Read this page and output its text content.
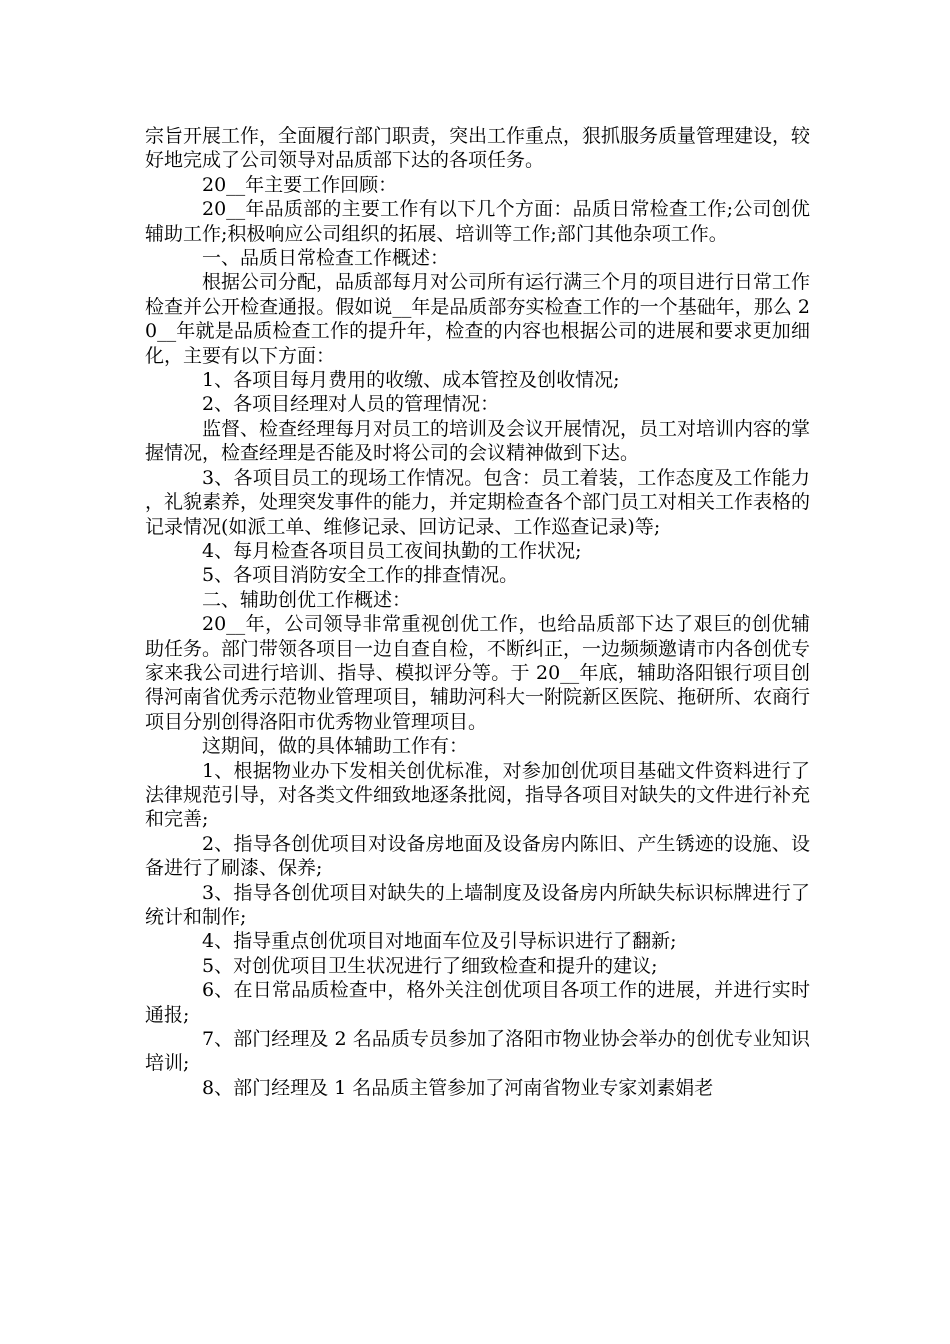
宗旨开展工作，全面履行部门职责，突出工作重点，狠抓服务质量管理建设，较好地完成了公司领导对品质部下达的各项任务。

20__年主要工作回顾：

20__年品质部的主要工作有以下几个方面：品质日常检查工作;公司创优辅助工作;积极响应公司组织的拓展、培训等工作;部门其他杂项工作。

一、品质日常检查工作概述：

根据公司分配，品质部每月对公司所有运行满三个月的项目进行日常工作检查并公开检查通报。假如说__年是品质部夯实检查工作的一个基础年，那么 20__年就是品质检查工作的提升年，检查的内容也根据公司的进展和要求更加细化，主要有以下方面：

1、各项目每月费用的收缴、成本管控及创收情况;

2、各项目经理对人员的管理情况：

监督、检查经理每月对员工的培训及会议开展情况，员工对培训内容的掌握情况，检查经理是否能及时将公司的会议精神做到下达。

3、各项目员工的现场工作情况。包含：员工着装，工作态度及工作能力，礼貌素养，处理突发事件的能力，并定期检查各个部门员工对相关工作表格的记录情况(如派工单、维修记录、回访记录、工作巡查记录)等;

4、每月检查各项目员工夜间执勤的工作状况;

5、各项目消防安全工作的排查情况。

二、辅助创优工作概述：

20__年，公司领导非常重视创优工作，也给品质部下达了艰巨的创优辅助任务。部门带领各项目一边自查自检，不断纠正，一边频频邀请市内各创优专家来我公司进行培训、指导、模拟评分等。于 20__年底，辅助洛阳银行项目创得河南省优秀示范物业管理项目，辅助河科大一附院新区医院、拖研所、农商行项目分别创得洛阳市优秀物业管理项目。

这期间，做的具体辅助工作有：

1、根据物业办下发相关创优标准，对参加创优项目基础文件资料进行了法律规范引导，对各类文件细致地逐条批阅，指导各项目对缺失的文件进行补充和完善;

2、指导各创优项目对设备房地面及设备房内陈旧、产生锈迹的设施、设备进行了刷漆、保养;

3、指导各创优项目对缺失的上墙制度及设备房内所缺失标识标牌进行了统计和制作;

4、指导重点创优项目对地面车位及引导标识进行了翻新;

5、对创优项目卫生状况进行了细致检查和提升的建议;

6、在日常品质检查中，格外关注创优项目各项工作的进展，并进行实时通报;

7、部门经理及 2 名品质专员参加了洛阳市物业协会举办的创优专业知识培训;

8、部门经理及 1 名品质主管参加了河南省物业专家刘素娟老
